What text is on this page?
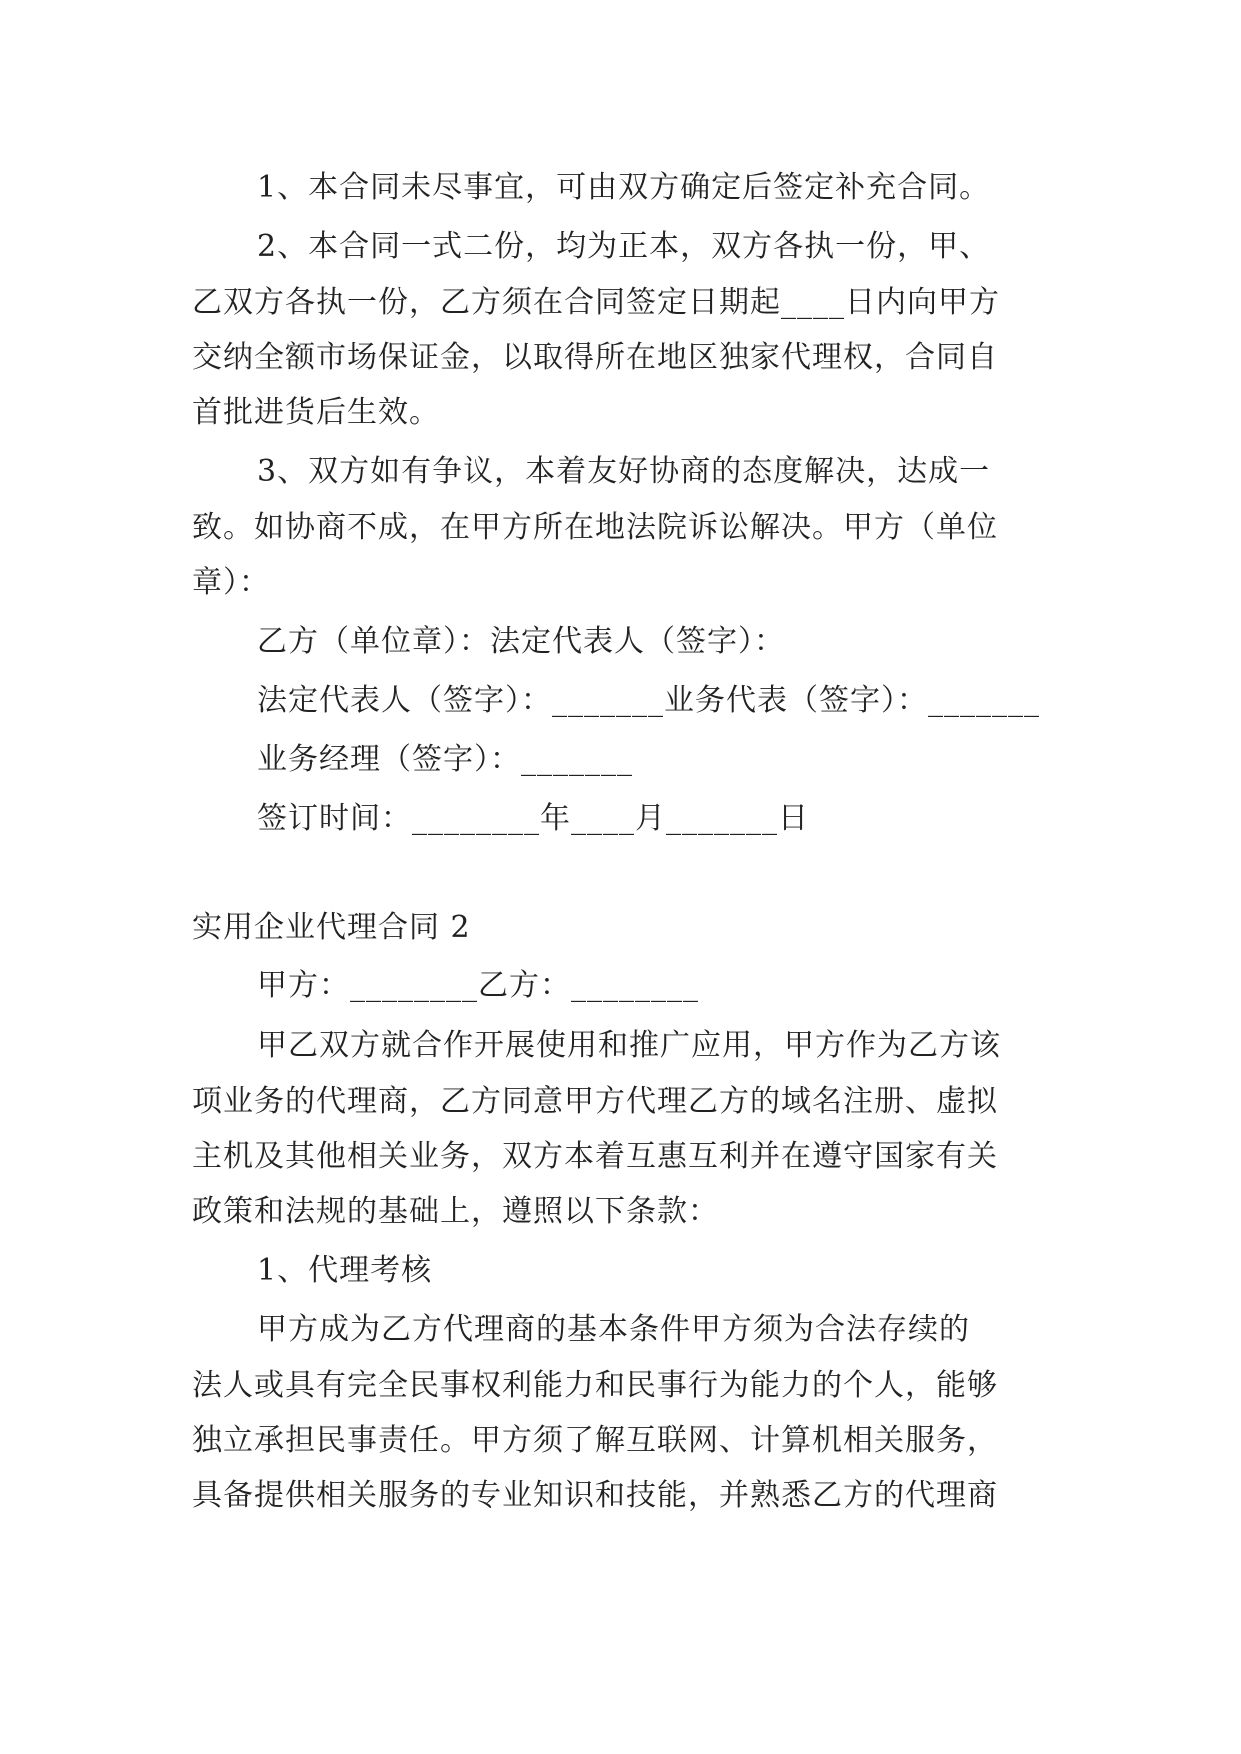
1、本合同未尽事宜，可由双方确定后签定补充合同。
2、本合同一式二份，均为正本，双方各执一份，甲、
乙双方各执一份，乙方须在合同签定日期起____日内向甲方
交纳全额市场保证金，以取得所在地区独家代理权，合同自
首批进货后生效。
3、双方如有争议，本着友好协商的态度解决，达成一
致。如协商不成，在甲方所在地法院诉讼解决。甲方（单位
章）：
乙方（单位章）：法定代表人（签字）：
法定代表人（签字）：_______业务代表（签字）：_______
业务经理（签字）：_______
签订时间：________年____月_______日
实用企业代理合同 2
甲方：________乙方：________
甲乙双方就合作开展使用和推广应用，甲方作为乙方该
项业务的代理商，乙方同意甲方代理乙方的域名注册、虚拟
主机及其他相关业务，双方本着互惠互利并在遵守国家有关
政策和法规的基础上，遵照以下条款：
1、代理考核
甲方成为乙方代理商的基本条件甲方须为合法存续的
法人或具有完全民事权利能力和民事行为能力的个人，能够
独立承担民事责任。甲方须了解互联网、计算机相关服务，
具备提供相关服务的专业知识和技能，并熟悉乙方的代理商
